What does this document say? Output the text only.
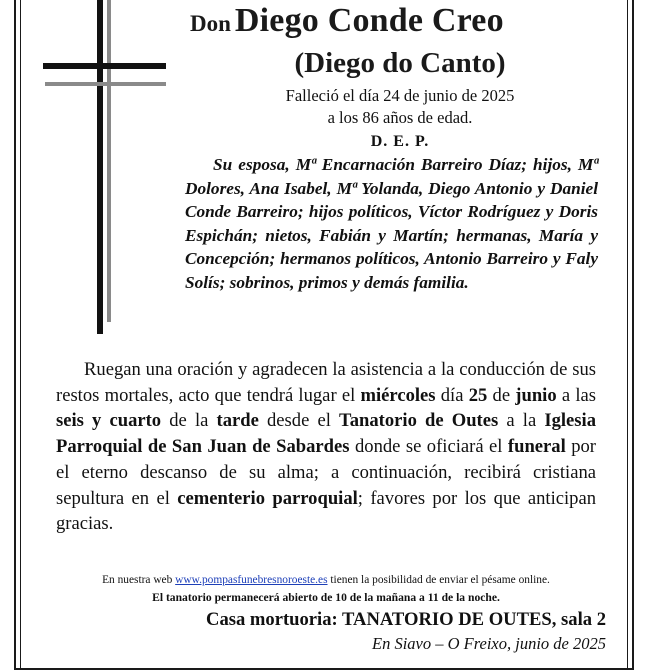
Don Diego Conde Creo
(Diego do Canto)
Falleció el día 24 de junio de 2025
a los 86 años de edad.
D. E. P.
Su esposa, Mª Encarnación Barreiro Díaz; hijos, Mª Dolores, Ana Isabel, Mª Yolanda, Diego Antonio y Daniel Conde Barreiro; hijos políticos, Víctor Rodríguez y Doris Espichán; nietos, Fabián y Martín; hermanas, María y Concepción; hermanos políticos, Antonio Barreiro y Faly Solís; sobrinos, primos y demás familia.
Ruegan una oración y agradecen la asistencia a la conducción de sus restos mortales, acto que tendrá lugar el miércoles día 25 de junio a las seis y cuarto de la tarde desde el Tanatorio de Outes a la Iglesia Parroquial de San Juan de Sabardes donde se oficiará el funeral por el eterno descanso de su alma; a continuación, recibirá cristiana sepultura en el cementerio parroquial; favores por los que anticipan gracias.
En nuestra web www.pompasfunebresnoroeste.es tienen la posibilidad de enviar el pésame online.
El tanatorio permanecerá abierto de 10 de la mañana a 11 de la noche.
Casa mortuoria: TANATORIO DE OUTES, sala 2
En Siavo – O Freixo, junio de 2025
